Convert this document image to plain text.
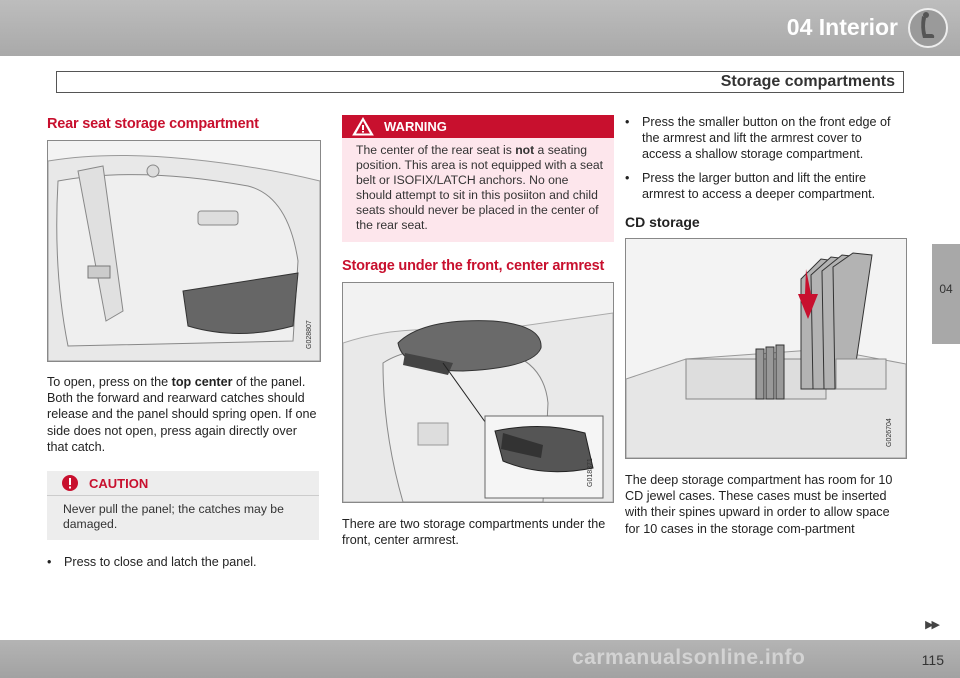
04 Interior
Storage compartments
04
Rear seat storage compartment
G028807

To open, press on the top center of the panel. Both the forward and rearward catches should release and the panel should spring open. If one side does not open, press again directly over that catch.

CAUTION
Never pull the panel; the catches may be damaged.
• Press to close and latch the panel.
WARNING
The center of the rear seat is not a seating position. This area is not equipped with a seat belt or ISOFIX/LATCH anchors. No one should attempt to sit in this posiiton and child seats should never be placed in the center of the rear seat.
Storage under the front, center armrest
G018371

There are two storage compartments under the front, center armrest.

• Press the smaller button on the front edge of the armrest and lift the armrest cover to access a shallow storage compartment.
• Press the larger button and lift the entire armrest to access a deeper compartment.
CD storage
G026704

The deep storage compartment has room for 10 CD jewel cases. These cases must be inserted with their spines upward in order to allow space for 10 cases in the storage com-partment

▶▶
carmanualsonline.info	115
